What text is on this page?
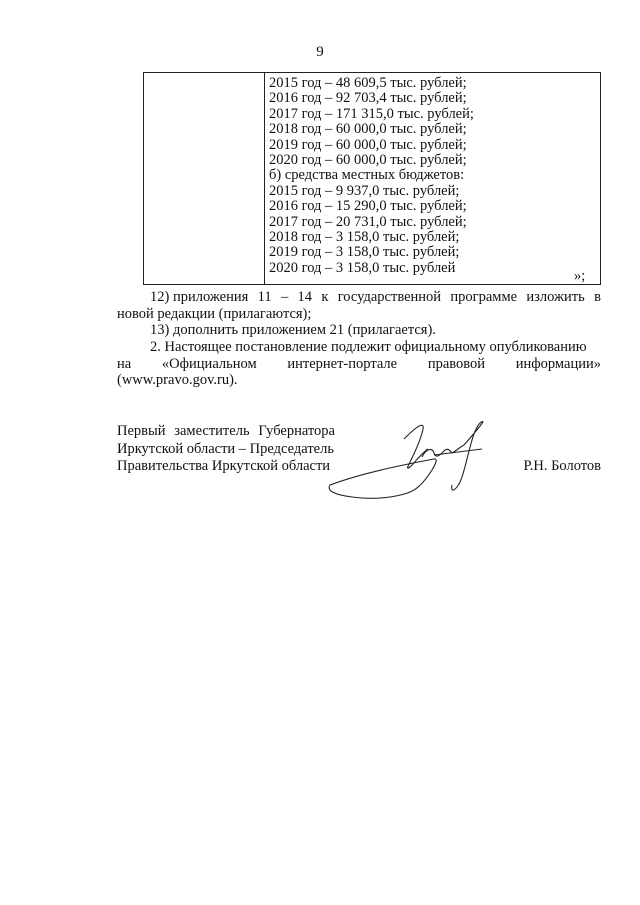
9
2015 год – 48 609,5 тыс. рублей;
2016 год – 92 703,4 тыс. рублей;
2017 год – 171 315,0 тыс. рублей;
2018 год – 60 000,0 тыс. рублей;
2019 год – 60 000,0 тыс. рублей;
2020 год – 60 000,0 тыс. рублей;
б) средства местных бюджетов:
2015 год – 9 937,0 тыс. рублей;
2016 год – 15 290,0 тыс. рублей;
2017 год – 20 731,0 тыс. рублей;
2018 год – 3 158,0 тыс. рублей;
2019 год – 3 158,0 тыс. рублей;
2020 год – 3 158,0 тыс. рублей
»;
12) приложения 11 – 14 к государственной программе изложить в
новой редакции (прилагаются);
13) дополнить приложением 21 (прилагается).
2. Настоящее постановление подлежит официальному опубликованию
на «Официальном интернет-портале правовой информации»
(www.pravo.gov.ru).
Первый заместитель Губернатора
Иркутской области – Председатель
Правительства Иркутской области	Р.Н. Болотов
